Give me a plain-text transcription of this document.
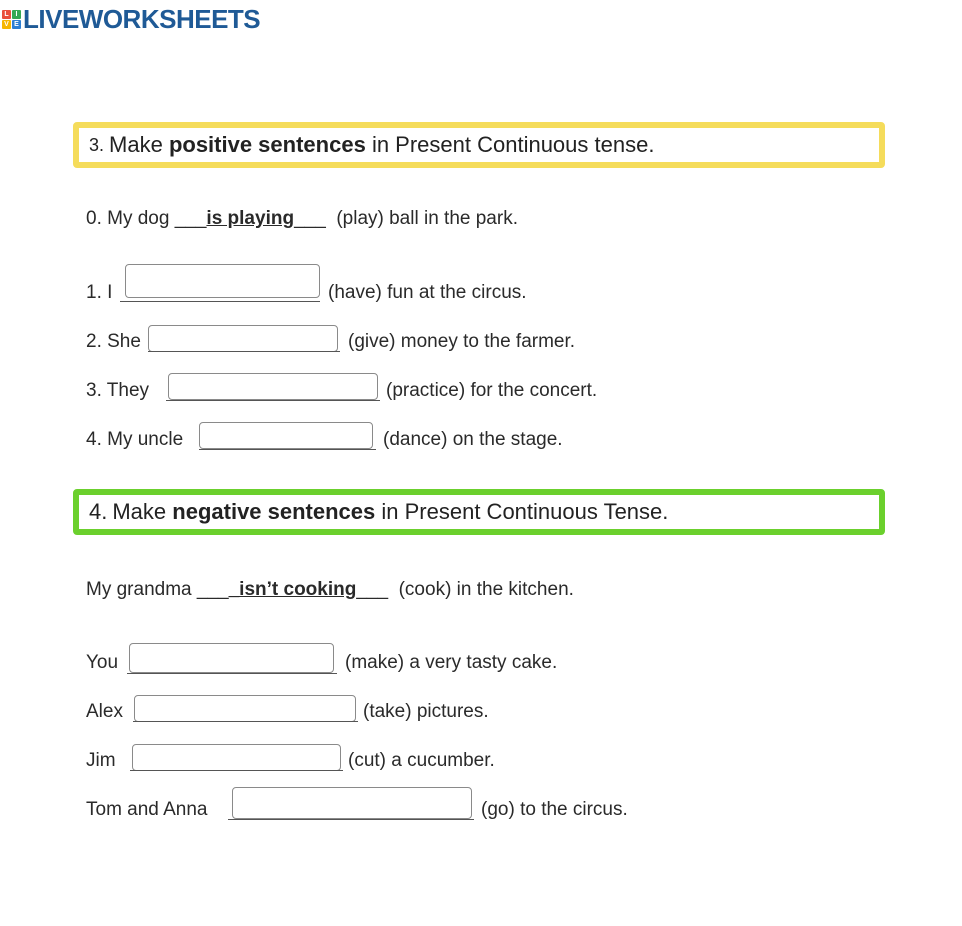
L I
V E LIVEWORKSHEETS
3. Make
positive sentences
in Present Continuous tense.
0. My dog ___is playing___ (play) ball in the park.
1. I	(have) fun at the circus.
2. She	(give) money to the farmer.
3. They	(practice) for the concert.
4. My uncle	(dance) on the stage.
4. Make
negative sentences
in Present Continuous Tense.
My grandma ____isn’t cooking___ (cook) in the kitchen.
You	(make) a very tasty cake.
Alex	(take) pictures.
Jim	(cut) a cucumber.
Tom and Anna	(go) to the circus.
